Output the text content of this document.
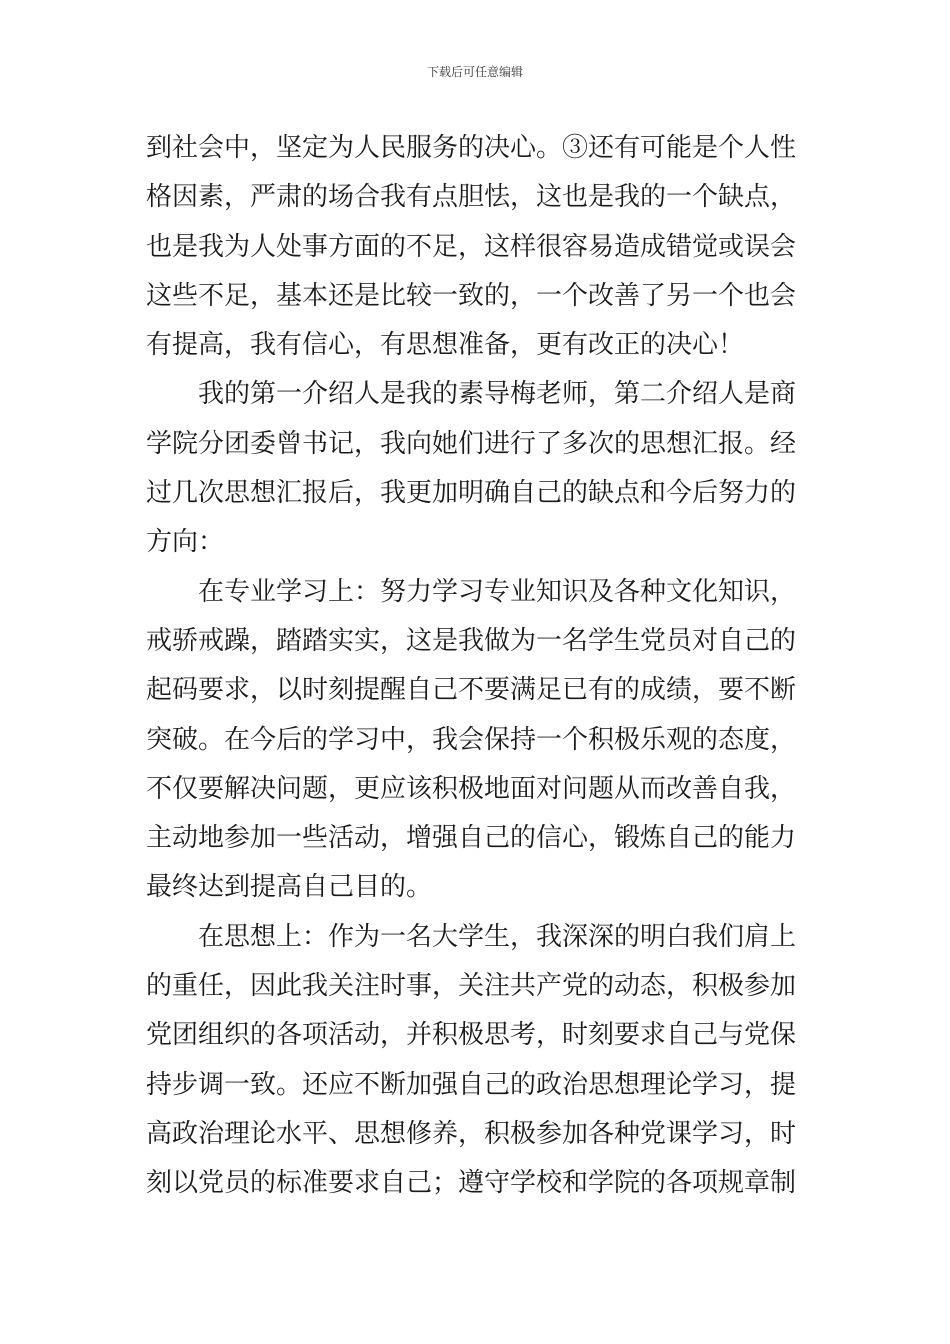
下载后可任意编辑

到社会中，坚定为人民服务的决心。③还有可能是个人性
格因素，严肃的场合我有点胆怯，这也是我的一个缺点，
也是我为人处事方面的不足，这样很容易造成错觉或误会
这些不足，基本还是比较一致的，一个改善了另一个也会
有提高，我有信心，有思想准备，更有改正的决心！

我的第一介绍人是我的素导梅老师，第二介绍人是商
学院分团委曾书记，我向她们进行了多次的思想汇报。经
过几次思想汇报后，我更加明确自己的缺点和今后努力的
方向：

在专业学习上：努力学习专业知识及各种文化知识，
戒骄戒躁，踏踏实实，这是我做为一名学生党员对自己的
起码要求，以时刻提醒自己不要满足已有的成绩，要不断
突破。在今后的学习中，我会保持一个积极乐观的态度，
不仅要解决问题，更应该积极地面对问题从而改善自我，
主动地参加一些活动，增强自己的信心，锻炼自己的能力
最终达到提高自己目的。

在思想上：作为一名大学生，我深深的明白我们肩上
的重任，因此我关注时事，关注共产党的动态，积极参加
党团组织的各项活动，并积极思考，时刻要求自己与党保
持步调一致。还应不断加强自己的政治思想理论学习，提
高政治理论水平、思想修养，积极参加各种党课学习，时
刻以党员的标准要求自己；遵守学校和学院的各项规章制
